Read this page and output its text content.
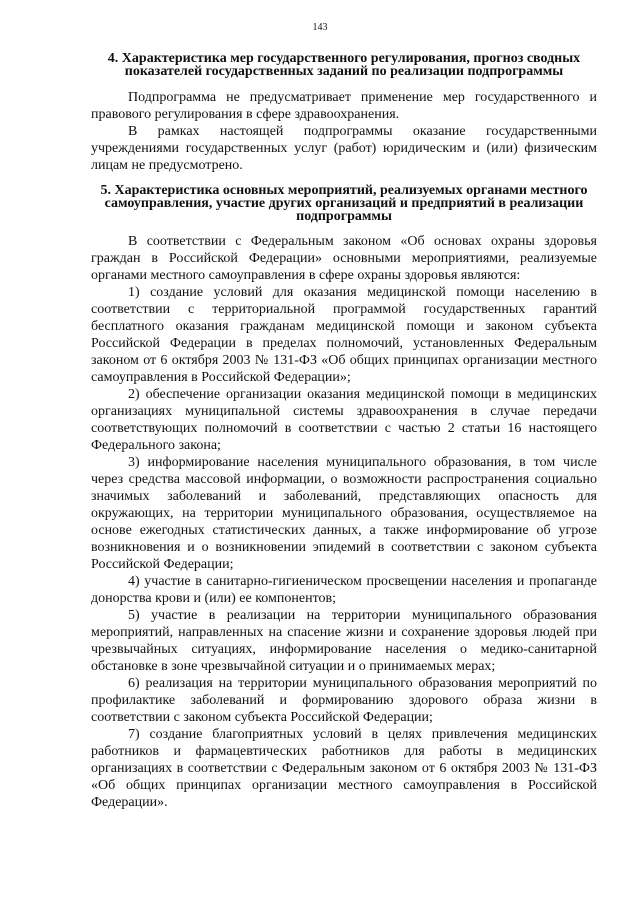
143
4. Характеристика мер государственного регулирования, прогноз сводных показателей государственных заданий по реализации подпрограммы

Подпрограмма не предусматривает применение мер государственного и правового регулирования в сфере здравоохранения.

В рамках настоящей подпрограммы оказание государственными учреждениями государственных услуг (работ) юридическим и (или) физическим лицам не предусмотрено.

5. Характеристика основных мероприятий, реализуемых органами местного самоуправления, участие других организаций и предприятий в реализации подпрограммы

В соответствии с Федеральным законом «Об основах охраны здоровья граждан в Российской Федерации» основными мероприятиями, реализуемые органами местного самоуправления в сфере охраны здоровья являются:

1) создание условий для оказания медицинской помощи населению в соответствии с территориальной программой государственных гарантий бесплатного оказания гражданам медицинской помощи и законом субъекта Российской Федерации в пределах полномочий, установленных Федеральным законом от 6 октября 2003 № 131-ФЗ «Об общих принципах организации местного самоуправления в Российской Федерации»;

2) обеспечение организации оказания медицинской помощи в медицинских организациях муниципальной системы здравоохранения в случае передачи соответствующих полномочий в соответствии с частью 2 статьи 16 настоящего Федерального закона;

3) информирование населения муниципального образования, в том числе через средства массовой информации, о возможности распространения социально значимых заболеваний и заболеваний, представляющих опасность для окружающих, на территории муниципального образования, осуществляемое на основе ежегодных статистических данных, а также информирование об угрозе возникновения и о возникновении эпидемий в соответствии с законом субъекта Российской Федерации;

4) участие в санитарно-гигиеническом просвещении населения и пропаганде донорства крови и (или) ее компонентов;

5) участие в реализации на территории муниципального образования мероприятий, направленных на спасение жизни и сохранение здоровья людей при чрезвычайных ситуациях, информирование населения о медико-санитарной обстановке в зоне чрезвычайной ситуации и о принимаемых мерах;

6) реализация на территории муниципального образования мероприятий по профилактике заболеваний и формированию здорового образа жизни в соответствии с законом субъекта Российской Федерации;

7) создание благоприятных условий в целях привлечения медицинских работников и фармацевтических работников для работы в медицинских организациях в соответствии с Федеральным законом от 6 октября 2003 № 131-ФЗ «Об общих принципах организации местного самоуправления в Российской Федерации».
